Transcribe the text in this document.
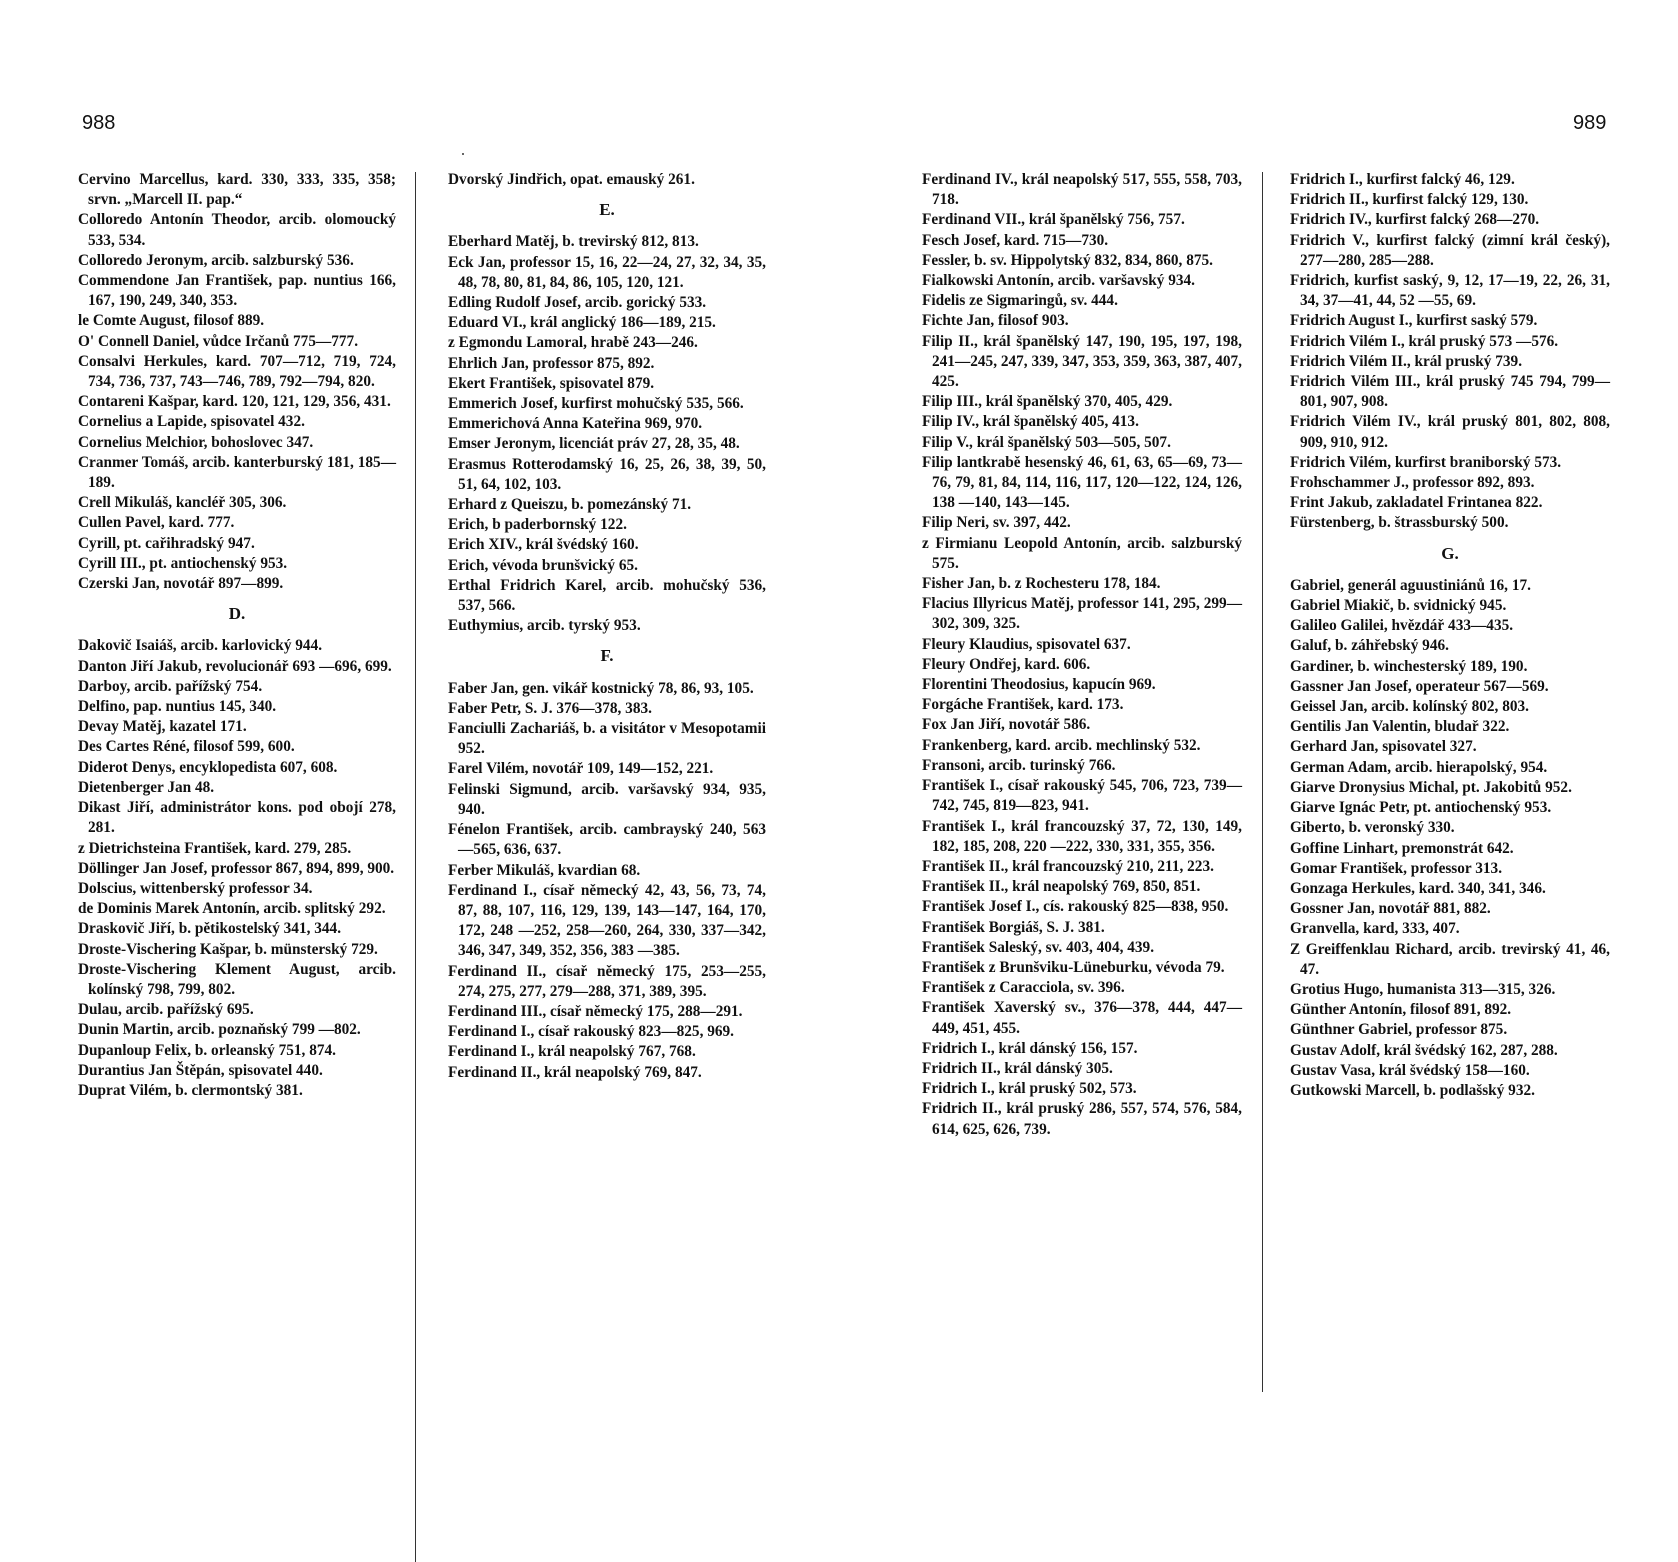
988	989
Cervino Marcellus, kard. 330, 333, 335, 358; srvn. „Marcell II. pap.“
Colloredo Antonín Theodor, arcib. olomoucký 533, 534.
Colloredo Jeronym, arcib. salzburský 536.
Commendone Jan František, pap. nuntius 166, 167, 190, 249, 340, 353.
le Comte August, filosof 889.
O' Connell Daniel, vůdce Irčanů 775—777.
Consalvi Herkules, kard. 707—712, 719, 724, 734, 736, 737, 743—746, 789, 792—794, 820.
Contareni Kašpar, kard. 120, 121, 129, 356, 431.
Cornelius a Lapide, spisovatel 432.
Cornelius Melchior, bohoslovec 347.
Cranmer Tomáš, arcib. kanterburský 181, 185—189.
Crell Mikuláš, kancléř 305, 306.
Cullen Pavel, kard. 777.
Cyrill, pt. cařihradský 947.
Cyrill III., pt. antiochenský 953.
Czerski Jan, novotář 897—899.
D.
Dakovič Isaiáš, arcib. karlovický 944.
Danton Jiří Jakub, revolucionář 693 —696, 699.
Darboy, arcib. pařížský 754.
Delfino, pap. nuntius 145, 340.
Devay Matěj, kazatel 171.
Des Cartes Réné, filosof 599, 600.
Diderot Denys, encyklopedista 607, 608.
Dietenberger Jan 48.
Dikast Jiří, administrátor kons. pod obojí 278, 281.
z Dietrichsteina František, kard. 279, 285.
Döllinger Jan Josef, professor 867, 894, 899, 900.
Dolscius, wittenberský professor 34.
de Dominis Marek Antonín, arcib. splitský 292.
Draskovič Jiří, b. pětikostelský 341, 344.
Droste-Vischering Kašpar, b. münsterský 729.
Droste-Vischering Klement August, arcib. kolínský 798, 799, 802.
Dulau, arcib. pařížský 695.
Dunin Martin, arcib. poznaňský 799 —802.
Dupanloup Felix, b. orleanský 751, 874.
Durantius Jan Štěpán, spisovatel 440.
Duprat Vilém, b. clermontský 381.
Dvorský Jindřich, opat. emauský 261.
E.
Eberhard Matěj, b. trevirský 812, 813.
Eck Jan, professor 15, 16, 22—24, 27, 32, 34, 35, 48, 78, 80, 81, 84, 86, 105, 120, 121.
Edling Rudolf Josef, arcib. gorický 533.
Eduard VI., král anglický 186—189, 215.
z Egmondu Lamoral, hrabě 243—246.
Ehrlich Jan, professor 875, 892.
Ekert František, spisovatel 879.
Emmerich Josef, kurfirst mohučský 535, 566.
Emmerichová Anna Kateřina 969, 970.
Emser Jeronym, licenciát práv 27, 28, 35, 48.
Erasmus Rotterodamský 16, 25, 26, 38, 39, 50, 51, 64, 102, 103.
Erhard z Queiszu, b. pomezánský 71.
Erich, b paderbornský 122.
Erich XIV., král švédský 160.
Erich, vévoda brunšvický 65.
Erthal Fridrich Karel, arcib. mohučský 536, 537, 566.
Euthymius, arcib. tyrský 953.
F.
Faber Jan, gen. vikář kostnický 78, 86, 93, 105.
Faber Petr, S. J. 376—378, 383.
Fanciulli Zachariáš, b. a visitátor v Mesopotamii 952.
Farel Vilém, novotář 109, 149—152, 221.
Felinski Sigmund, arcib. varšavský 934, 935, 940.
Fénelon František, arcib. cambrayský 240, 563—565, 636, 637.
Ferber Mikuláš, kvardian 68.
Ferdinand I., císař německý 42, 43, 56, 73, 74, 87, 88, 107, 116, 129, 139, 143—147, 164, 170, 172, 248 —252, 258—260, 264, 330, 337—342, 346, 347, 349, 352, 356, 383 —385.
Ferdinand II., císař německý 175, 253—255, 274, 275, 277, 279—288, 371, 389, 395.
Ferdinand III., císař německý 175, 288—291.
Ferdinand I., císař rakouský 823—825, 969.
Ferdinand I., král neapolský 767, 768.
Ferdinand II., král neapolský 769, 847.
Ferdinand IV., král neapolský 517, 555, 558, 703, 718.
Ferdinand VII., král španělský 756, 757.
Fesch Josef, kard. 715—730.
Fessler, b. sv. Hippolytský 832, 834, 860, 875.
Fialkowski Antonín, arcib. varšavský 934.
Fidelis ze Sigmaringů, sv. 444.
Fichte Jan, filosof 903.
Filip II., král španělský 147, 190, 195, 197, 198, 241—245, 247, 339, 347, 353, 359, 363, 387, 407, 425.
Filip III., král španělský 370, 405, 429.
Filip IV., král španělský 405, 413.
Filip V., král španělský 503—505, 507.
Filip lantkrabě hesenský 46, 61, 63, 65—69, 73—76, 79, 81, 84, 114, 116, 117, 120—122, 124, 126, 138 —140, 143—145.
Filip Neri, sv. 397, 442.
z Firmianu Leopold Antonín, arcib. salzburský 575.
Fisher Jan, b. z Rochesteru 178, 184.
Flacius Illyricus Matěj, professor 141, 295, 299—302, 309, 325.
Fleury Klaudius, spisovatel 637.
Fleury Ondřej, kard. 606.
Florentini Theodosius, kapucín 969.
Forgáche František, kard. 173.
Fox Jan Jiří, novotář 586.
Frankenberg, kard. arcib. mechlinský 532.
Fransoni, arcib. turinský 766.
František I., císař rakouský 545, 706, 723, 739—742, 745, 819—823, 941.
František I., král francouzský 37, 72, 130, 149, 182, 185, 208, 220 —222, 330, 331, 355, 356.
František II., král francouzský 210, 211, 223.
František II., král neapolský 769, 850, 851.
František Josef I., cís. rakouský 825—838, 950.
František Borgiáš, S. J. 381.
František Saleský, sv. 403, 404, 439.
František z Brunšviku-Lüneburku, vévoda 79.
František z Caracciola, sv. 396.
František Xaverský sv., 376—378, 444, 447—449, 451, 455.
Fridrich I., král dánský 156, 157.
Fridrich II., král dánský 305.
Fridrich I., král pruský 502, 573.
Fridrich II., král pruský 286, 557, 574, 576, 584, 614, 625, 626, 739.
Fridrich I., kurfirst falcký 46, 129.
Fridrich II., kurfirst falcký 129, 130.
Fridrich IV., kurfirst falcký 268—270.
Fridrich V., kurfirst falcký (zimní král český), 277—280, 285—288.
Fridrich, kurfist saský, 9, 12, 17—19, 22, 26, 31, 34, 37—41, 44, 52 —55, 69.
Fridrich August I., kurfirst saský 579.
Fridrich Vilém I., král pruský 573 —576.
Fridrich Vilém II., král pruský 739.
Fridrich Vilém III., král pruský 745 794, 799—801, 907, 908.
Fridrich Vilém IV., král pruský 801, 802, 808, 909, 910, 912.
Fridrich Vilém, kurfirst braniborský 573.
Frohschammer J., professor 892, 893.
Frint Jakub, zakladatel Frintanea 822.
Fürstenberg, b. štrassburský 500.
G.
Gabriel, generál aguustiniánů 16, 17.
Gabriel Miakič, b. svidnický 945.
Galileo Galilei, hvězdář 433—435.
Galuf, b. záhřebský 946.
Gardiner, b. winchesterský 189, 190.
Gassner Jan Josef, operateur 567—569.
Geissel Jan, arcib. kolínský 802, 803.
Gentilis Jan Valentin, bludař 322.
Gerhard Jan, spisovatel 327.
German Adam, arcib. hierapolský, 954.
Giarve Dronysius Michal, pt. Jakobitů 952.
Giarve Ignác Petr, pt. antiochenský 953.
Giberto, b. veronský 330.
Goffine Linhart, premonstrát 642.
Gomar František, professor 313.
Gonzaga Herkules, kard. 340, 341, 346.
Gossner Jan, novotář 881, 882.
Granvella, kard, 333, 407.
Z Greiffenklau Richard, arcib. trevirský 41, 46, 47.
Grotius Hugo, humanista 313—315, 326.
Günther Antonín, filosof 891, 892.
Günthner Gabriel, professor 875.
Gustav Adolf, král švédský 162, 287, 288.
Gustav Vasa, král švédský 158—160.
Gutkowski Marcell, b. podlašský 932.
